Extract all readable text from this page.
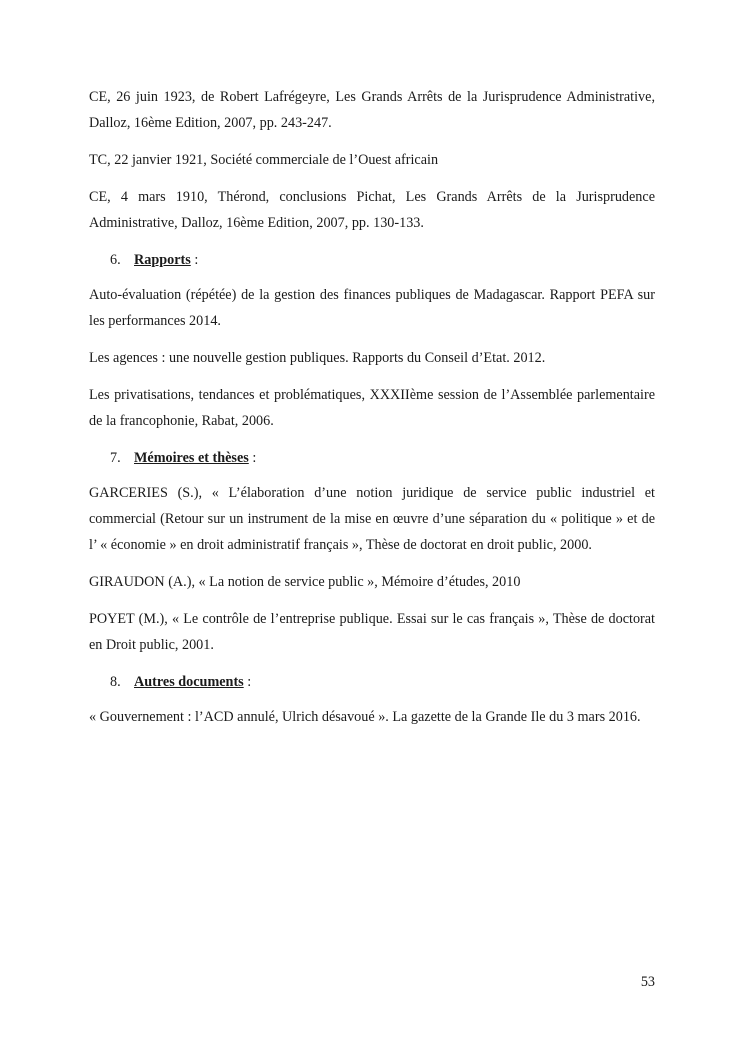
CE, 26 juin 1923, de Robert Lafrégeyre, Les Grands Arrêts de la Jurisprudence Administrative, Dalloz, 16ème Edition, 2007, pp. 243-247.

TC, 22 janvier 1921, Société commerciale de l’Ouest africain

CE, 4 mars 1910, Thérond, conclusions Pichat, Les Grands Arrêts de la Jurisprudence Administrative, Dalloz, 16ème Edition, 2007, pp. 130-133.

6. Rapports :

Auto-évaluation (répétée) de la gestion des finances publiques de Madagascar. Rapport PEFA sur les performances 2014.

Les agences : une nouvelle gestion publiques. Rapports du Conseil d’Etat. 2012.

Les privatisations, tendances et problématiques, XXXIIème session de l’Assemblée parlementaire de la francophonie, Rabat, 2006.

7. Mémoires et thèses :

GARCERIES (S.), « L’élaboration d’une notion juridique de service public industriel et commercial (Retour sur un instrument de la mise en œuvre d’une séparation du « politique » et de l’ « économie » en droit administratif français », Thèse de doctorat en droit public, 2000.

GIRAUDON (A.), « La notion de service public », Mémoire d’études, 2010

POYET (M.), « Le contrôle de l’entreprise publique. Essai sur le cas français », Thèse de doctorat en Droit public, 2001.

8. Autres documents :

« Gouvernement : l’ACD annulé, Ulrich désavoué ». La gazette de la Grande Ile du 3 mars 2016.

53
